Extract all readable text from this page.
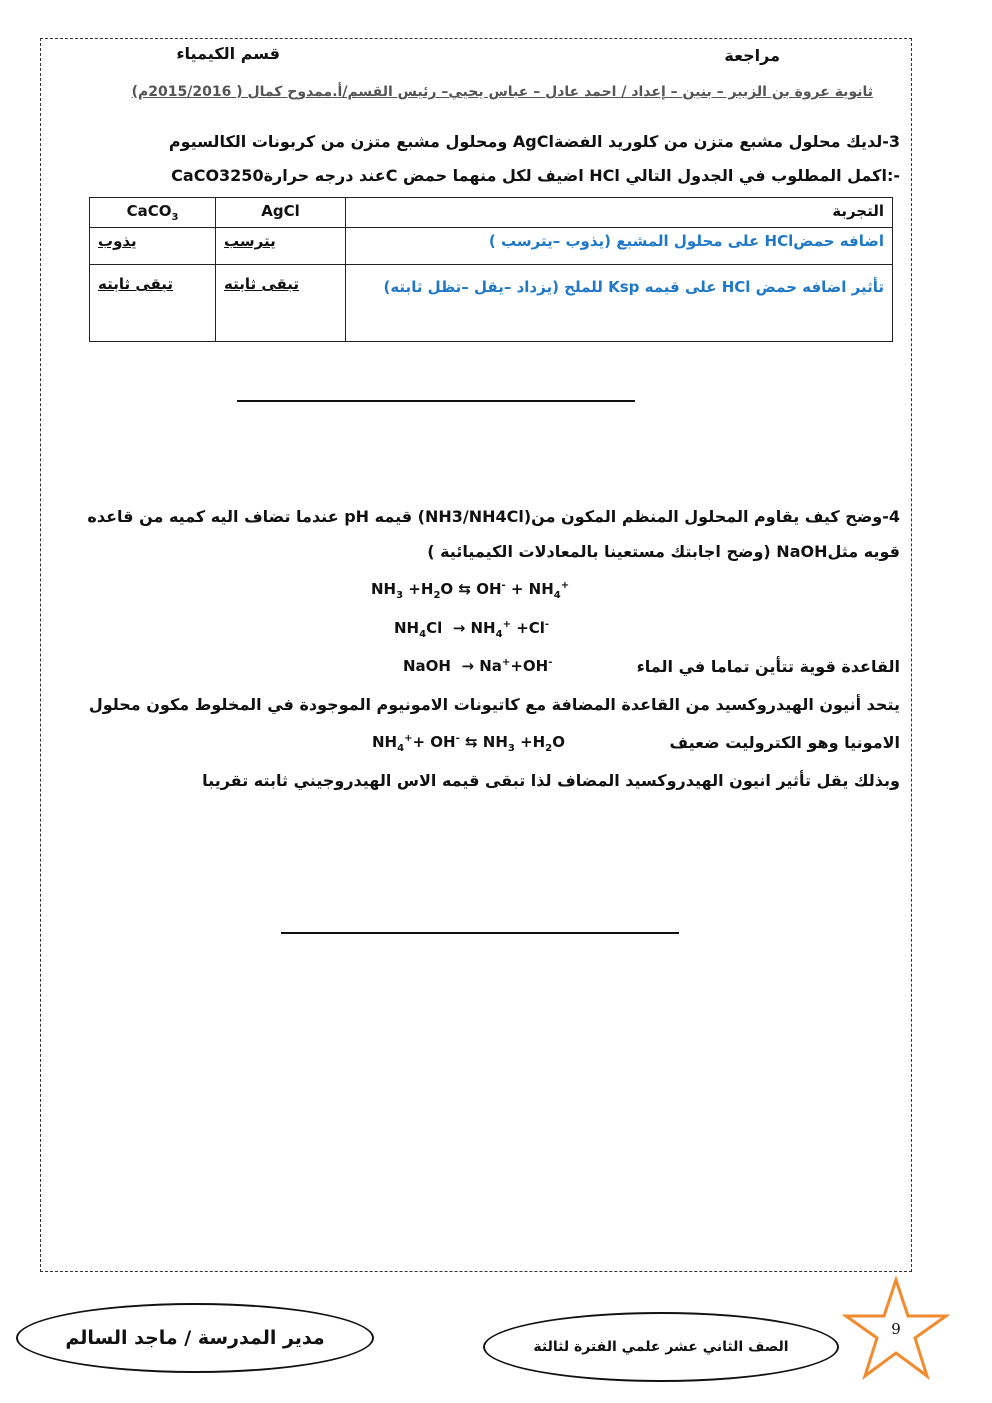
مراجعة
قسم الكيمياء
ثانوية عروة بن الزبير – بنين – إعداد / احمد عادل – عباس يحيي– رئيس القسم/أ.ممدوح كمال ( 2015/2016م)
3-لديك محلول مشبع متزن من كلوريد الفضةAgCl ومحلول مشبع متزن من كربونات الكالسيوم
CaCO3عند درجه حرارة250C اضيف لكل منهما حمض HCl اكمل المطلوب في الجدول التالي:-
التجربة	AgCl	CaCO$_3$
اضافه حمضHCl على محلول المشبع (يذوب –يترسب )	يترسب	يذوب
تأثير اضافه حمض HCl على قيمه Ksp للملح (يزداد –يقل –تظل ثابته)	تبقى ثابته	تبقى ثابته
4-وضح كيف يقاوم المحلول المنظم المكون من(NH3/NH4Cl) قيمه pH عندما تضاف اليه كميه من قاعده
قويه مثلNaOH (وضح اجابتك مستعينا بالمعادلات الكيميائية )
$NH_3 +H_2O$ ⇆ $OH^- + NH_4^+$
$NH_4Cl \to NH_4^+ +Cl^-$
NaOH  → Na++OH-	القاعدة قوية تتأين تماما في الماء
يتحد أنيون الهيدروكسيد من القاعدة المضافة مع كاتيونات الامونيوم الموجودة في المخلوط مكون محلول
الامونيا وهو الكتروليت ضعيف
$NH_4^++ OH^-$ ⇆ $NH_3 +H_2O$
وبذلك يقل تأثير انيون الهيدروكسيد المضاف لذا تبقى قيمه الاس الهيدروجيني ثابته تقريبا
مدير المدرسة / ماجد السالم	الصف الثاني عشر علمي الفترة لثالثة
9
